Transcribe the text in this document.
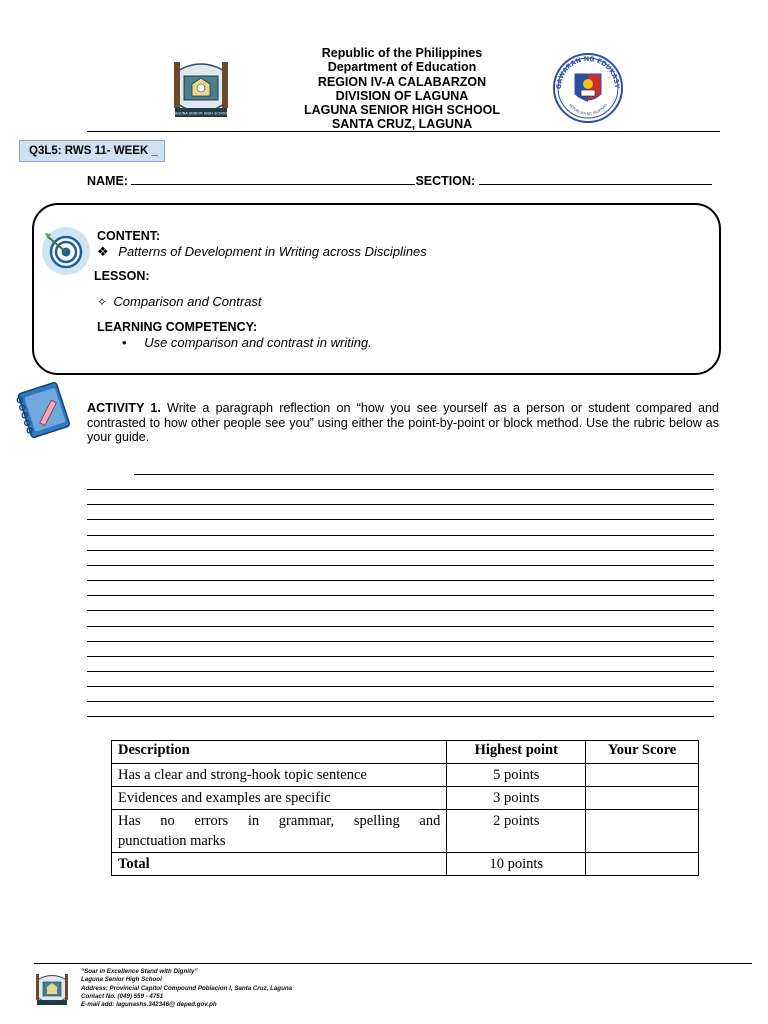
LAGUNA SENIOR HIGH SCHOOL
Republic of the Philippines
Department of Education
REGION IV-A CALABARZON
DIVISION OF LAGUNA
LAGUNA SENIOR HIGH SCHOOL
SANTA CRUZ, LAGUNA
GAWARAN NG EDUKASY
REPUBLIKA NG PILIPINAS
Q3L5: RWS 11- WEEK _
NAME:	SECTION:
CONTENT:
❖ Patterns of Development in Writing across Disciplines
LESSON:
✧ Comparison and Contrast
LEARNING COMPETENCY:
• Use comparison and contrast in writing.
ACTIVITY 1. Write a paragraph reflection on “how you see yourself as a person or student compared and contrasted to how other people see you” using either the point-by-point or block method. Use the rubric below as your guide.
Description	Highest point	Your Score
Has a clear and strong-hook topic sentence	5 points	
Evidences and examples are specific	3 points	

Has no errors in grammar, spelling and
punctuation marks	2 points	
Total	10 points	
“Soar in Excellence Stand with Dignity”
Laguna Senior High School
Address: Provincial Capitol Compound Poblacion I, Santa Cruz, Laguna
Contact No. (049) 559 - 4751
E-mail add: lagunashs.342346@ deped.gov.ph
